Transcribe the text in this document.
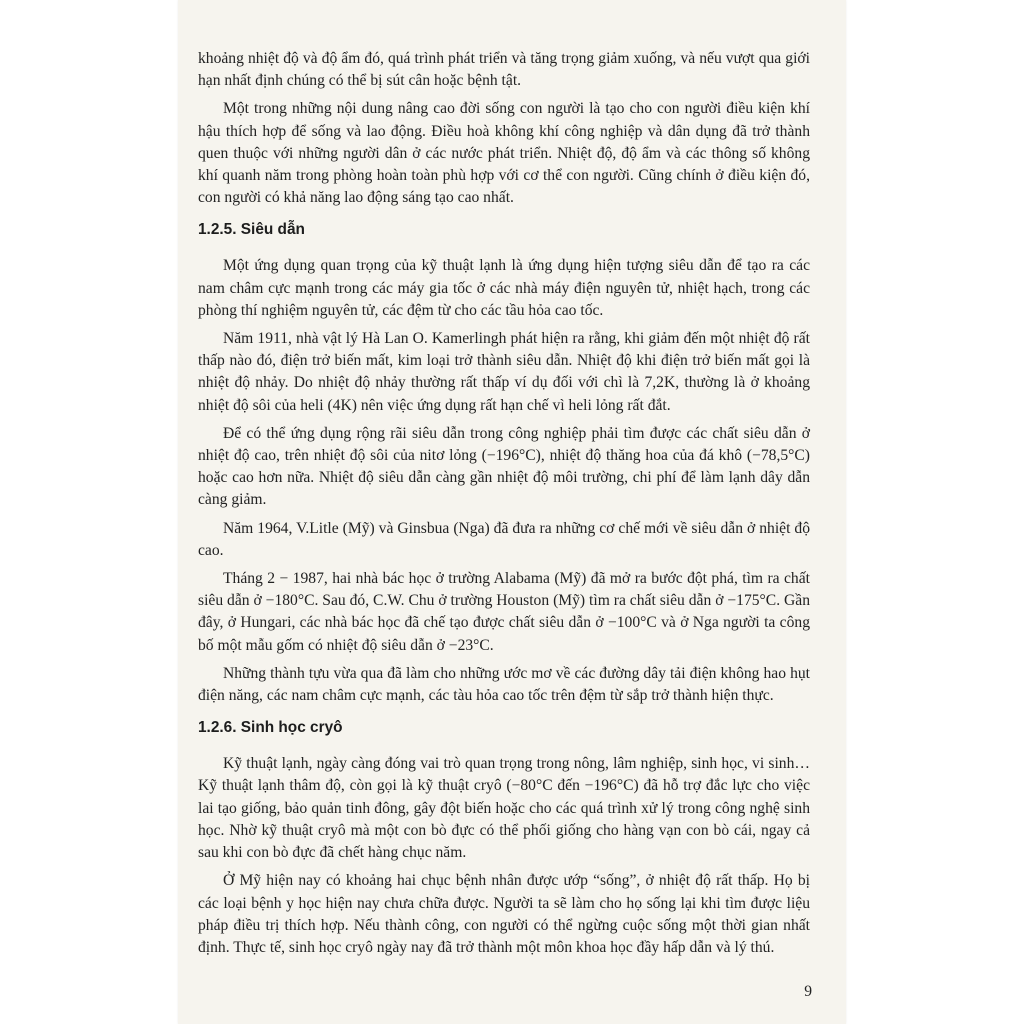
khoảng nhiệt độ và độ ẩm đó, quá trình phát triển và tăng trọng giảm xuống, và nếu vượt qua giới hạn nhất định chúng có thể bị sút cân hoặc bệnh tật.

Một trong những nội dung nâng cao đời sống con người là tạo cho con người điều kiện khí hậu thích hợp để sống và lao động. Điều hoà không khí công nghiệp và dân dụng đã trở thành quen thuộc với những người dân ở các nước phát triển. Nhiệt độ, độ ẩm và các thông số không khí quanh năm trong phòng hoàn toàn phù hợp với cơ thể con người. Cũng chính ở điều kiện đó, con người có khả năng lao động sáng tạo cao nhất.

1.2.5. Siêu dẫn

Một ứng dụng quan trọng của kỹ thuật lạnh là ứng dụng hiện tượng siêu dẫn để tạo ra các nam châm cực mạnh trong các máy gia tốc ở các nhà máy điện nguyên tử, nhiệt hạch, trong các phòng thí nghiệm nguyên tử, các đệm từ cho các tầu hỏa cao tốc.

Năm 1911, nhà vật lý Hà Lan O. Kamerlingh phát hiện ra rằng, khi giảm đến một nhiệt độ rất thấp nào đó, điện trở biến mất, kim loại trở thành siêu dẫn. Nhiệt độ khi điện trở biến mất gọi là nhiệt độ nhảy. Do nhiệt độ nhảy thường rất thấp ví dụ đối với chì là 7,2K, thường là ở khoảng nhiệt độ sôi của heli (4K) nên việc ứng dụng rất hạn chế vì heli lỏng rất đắt.

Để có thể ứng dụng rộng rãi siêu dẫn trong công nghiệp phải tìm được các chất siêu dẫn ở nhiệt độ cao, trên nhiệt độ sôi của nitơ lỏng (−196°C), nhiệt độ thăng hoa của đá khô (−78,5°C) hoặc cao hơn nữa. Nhiệt độ siêu dẫn càng gần nhiệt độ môi trường, chi phí để làm lạnh dây dẫn càng giảm.

Năm 1964, V.Litle (Mỹ) và Ginsbua (Nga) đã đưa ra những cơ chế mới về siêu dẫn ở nhiệt độ cao.

Tháng 2 − 1987, hai nhà bác học ở trường Alabama (Mỹ) đã mở ra bước đột phá, tìm ra chất siêu dẫn ở −180°C. Sau đó, C.W. Chu ở trường Houston (Mỹ) tìm ra chất siêu dẫn ở −175°C. Gần đây, ở Hungari, các nhà bác học đã chế tạo được chất siêu dẫn ở −100°C và ở Nga người ta công bố một mẫu gốm có nhiệt độ siêu dẫn ở −23°C.

Những thành tựu vừa qua đã làm cho những ước mơ về các đường dây tải điện không hao hụt điện năng, các nam châm cực mạnh, các tàu hỏa cao tốc trên đệm từ sắp trở thành hiện thực.

1.2.6. Sinh học cryô

Kỹ thuật lạnh, ngày càng đóng vai trò quan trọng trong nông, lâm nghiệp, sinh học, vi sinh… Kỹ thuật lạnh thâm độ, còn gọi là kỹ thuật cryô (−80°C đến −196°C) đã hỗ trợ đắc lực cho việc lai tạo giống, bảo quản tinh đông, gây đột biến hoặc cho các quá trình xử lý trong công nghệ sinh học. Nhờ kỹ thuật cryô mà một con bò đực có thể phối giống cho hàng vạn con bò cái, ngay cả sau khi con bò đực đã chết hàng chục năm.

Ở Mỹ hiện nay có khoảng hai chục bệnh nhân được ướp “sống”, ở nhiệt độ rất thấp. Họ bị các loại bệnh y học hiện nay chưa chữa được. Người ta sẽ làm cho họ sống lại khi tìm được liệu pháp điều trị thích hợp. Nếu thành công, con người có thể ngừng cuộc sống một thời gian nhất định. Thực tế, sinh học cryô ngày nay đã trở thành một môn khoa học đầy hấp dẫn và lý thú.

9
